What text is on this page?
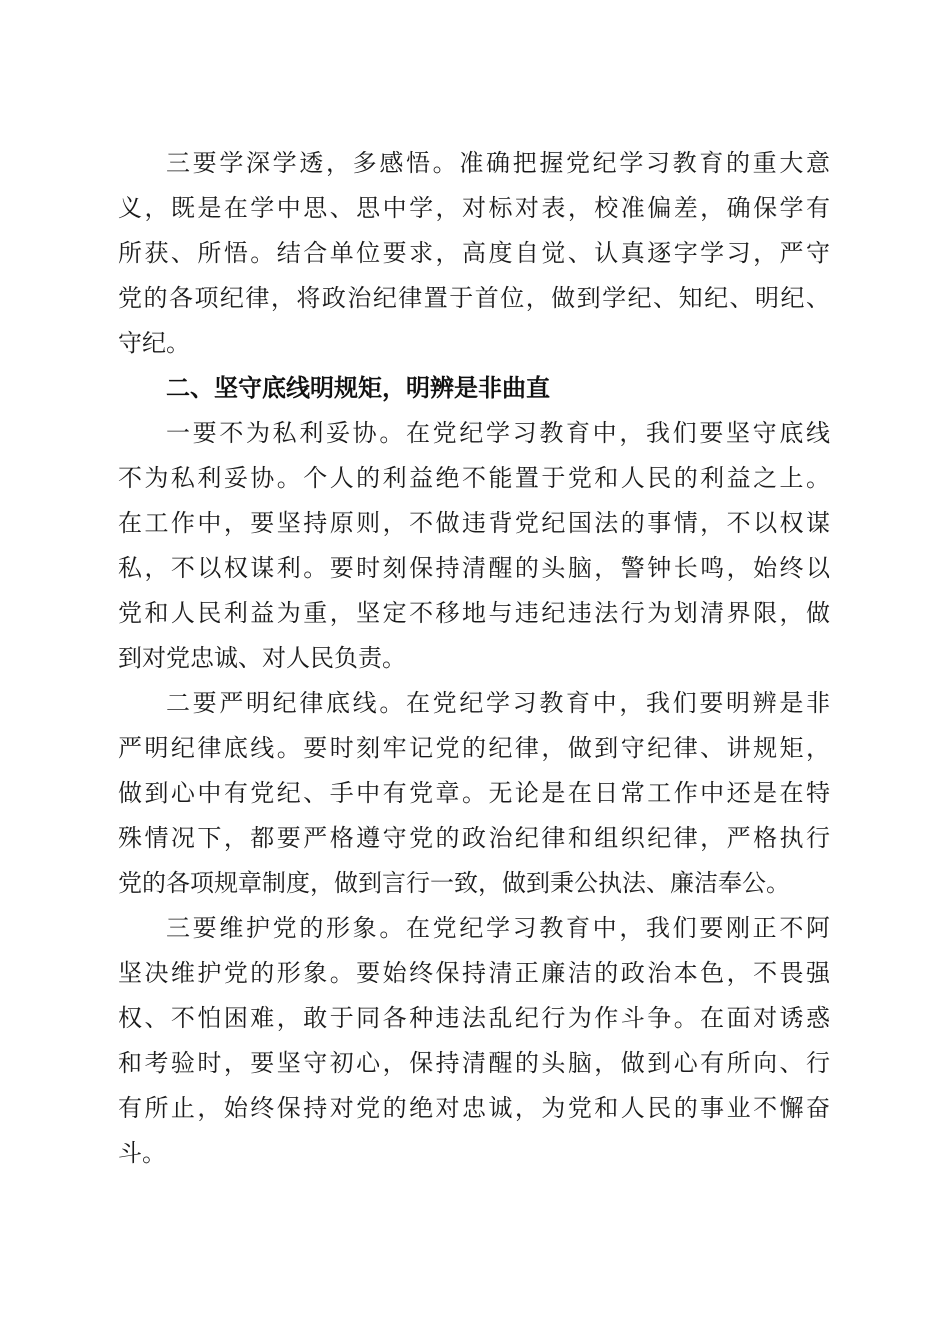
三要学深学透，多感悟。准确把握党纪学习教育的重大意
义，既是在学中思、思中学，对标对表，校准偏差，确保学有
所获、所悟。结合单位要求，高度自觉、认真逐字学习，严守
党的各项纪律，将政治纪律置于首位，做到学纪、知纪、明纪、
守纪。
二、坚守底线明规矩，明辨是非曲直
一要不为私利妥协。在党纪学习教育中，我们要坚守底线
不为私利妥协。个人的利益绝不能置于党和人民的利益之上。
在工作中，要坚持原则，不做违背党纪国法的事情，不以权谋
私，不以权谋利。要时刻保持清醒的头脑，警钟长鸣，始终以
党和人民利益为重，坚定不移地与违纪违法行为划清界限，做
到对党忠诚、对人民负责。
二要严明纪律底线。在党纪学习教育中，我们要明辨是非
严明纪律底线。要时刻牢记党的纪律，做到守纪律、讲规矩，
做到心中有党纪、手中有党章。无论是在日常工作中还是在特
殊情况下，都要严格遵守党的政治纪律和组织纪律，严格执行
党的各项规章制度，做到言行一致，做到秉公执法、廉洁奉公。
三要维护党的形象。在党纪学习教育中，我们要刚正不阿
坚决维护党的形象。要始终保持清正廉洁的政治本色，不畏强
权、不怕困难，敢于同各种违法乱纪行为作斗争。在面对诱惑
和考验时，要坚守初心，保持清醒的头脑，做到心有所向、行
有所止，始终保持对党的绝对忠诚，为党和人民的事业不懈奋
斗。
